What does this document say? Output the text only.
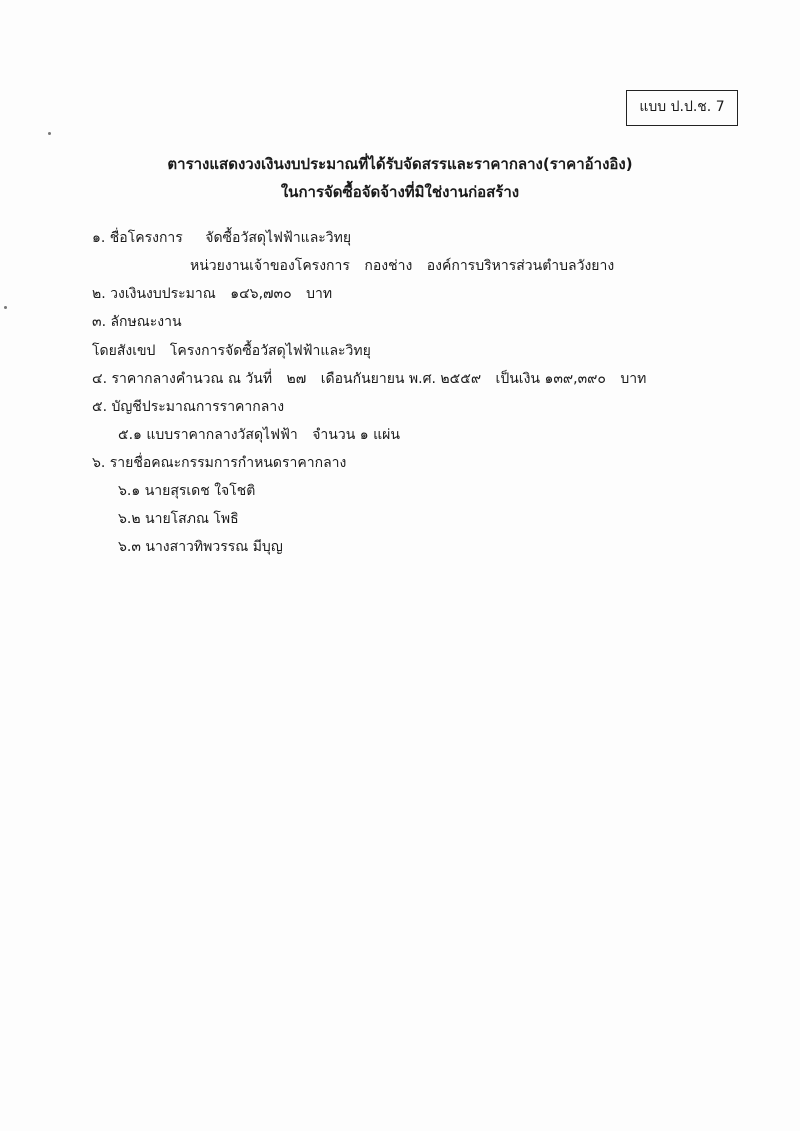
แบบ ป.ป.ช. 7
ตารางแสดงวงเงินงบประมาณที่ได้รับจัดสรรและราคากลาง(ราคาอ้างอิง)
ในการจัดซื้อจัดจ้างที่มิใช่งานก่อสร้าง
๑. ชื่อโครงการ จัดซื้อวัสดุไฟฟ้าและวิทยุ
หน่วยงานเจ้าของโครงการ กองช่าง องค์การบริหารส่วนตำบลวังยาง
๒. วงเงินงบประมาณ ๑๔๖,๗๓๐ บาท
๓. ลักษณะงาน
โดยสังเขป โครงการจัดซื้อวัสดุไฟฟ้าและวิทยุ
๔. ราคากลางคำนวณ ณ วันที่ ๒๗ เดือนกันยายน พ.ศ. ๒๕๕๙ เป็นเงิน ๑๓๙,๓๙๐ บาท
๕. บัญชีประมาณการราคากลาง
๕.๑ แบบราคากลางวัสดุไฟฟ้า จำนวน ๑ แผ่น
๖. รายชื่อคณะกรรมการกำหนดราคากลาง
๖.๑ นายสุรเดช ใจโชติ
๖.๒ นายโสภณ โพธิ
๖.๓ นางสาวทิพวรรณ มีบุญ
